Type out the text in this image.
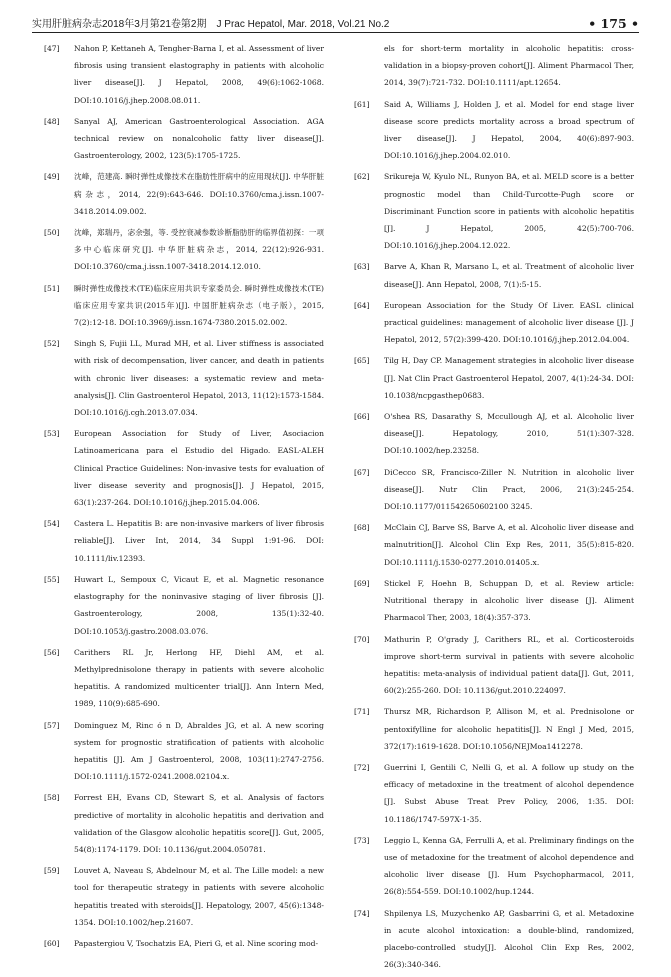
实用肝脏病杂志2018年3月第21卷第2期　J Prac Hepatol, Mar. 2018, Vol.21 No.2	• 175 •
[47] Nahon P, Kettaneh A, Tengher-Barna I, et al. Assessment of liver fibrosis using transient elastography in patients with alcoholic liver disease[J]. J Hepatol, 2008, 49(6):1062-1068. DOI:10.1016/j.jhep.2008.08.011.
[48] Sanyal AJ, American Gastroenterological Association. AGA technical review on nonalcoholic fatty liver disease[J]. Gastroenterology, 2002, 123(5):1705-1725.
[49] 沈峰，范建高. 瞬时弹性成像技术在脂肪性肝病中的应用现状[J]. 中华肝脏病杂志，2014, 22(9):643-646. DOI:10.3760/cma.j.issn.1007-3418.2014.09.002.
[50] 沈峰，郑瑞丹，宓余强，等. 受控衰减参数诊断脂肪肝的临界值初探：一项多中心临床研究[J]. 中华肝脏病杂志，2014, 22(12):926-931. DOI:10.3760/cma.j.issn.1007-3418.2014.12.010.
[51] 瞬时弹性成像技术(TE)临床应用共识专家委员会. 瞬时弹性成像技术(TE)临床应用专家共识(2015年)[J]. 中国肝脏病杂志（电子版），2015, 7(2):12-18. DOI:10.3969/j.issn.1674-7380.2015.02.002.
[52] Singh S, Fujii LL, Murad MH, et al. Liver stiffness is associated with risk of decompensation, liver cancer, and death in patients with chronic liver diseases: a systematic review and meta-analysis[J]. Clin Gastroenterol Hepatol, 2013, 11(12):1573-1584. DOI:10.1016/j.cgh.2013.07.034.
[53] European Association for Study of Liver, Asociacion Latinoamericana para el Estudio del Higado. EASL-ALEH Clinical Practice Guidelines: Non-invasive tests for evaluation of liver disease severity and prognosis[J]. J Hepatol, 2015, 63(1):237-264. DOI:10.1016/j.jhep.2015.04.006.
[54] Castera L. Hepatitis B: are non-invasive markers of liver fibrosis reliable[J]. Liver Int, 2014, 34 Suppl 1:91-96. DOI: 10.1111/liv.12393.
[55] Huwart L, Sempoux C, Vicaut E, et al. Magnetic resonance elastography for the noninvasive staging of liver fibrosis [J]. Gastroenterology, 2008, 135(1):32-40. DOI:10.1053/j.gastro.2008.03.076.
[56] Carithers RL Jr, Herlong HF, Diehl AM, et al. Methylprednisolone therapy in patients with severe alcoholic hepatitis. A randomized multicenter trial[J]. Ann Intern Med, 1989, 110(9):685-690.
[57] Dominguez M, Rinc ó n D, Abraldes JG, et al. A new scoring system for prognostic stratification of patients with alcoholic hepatitis [J]. Am J Gastroenterol, 2008, 103(11):2747-2756. DOI:10.1111/j.1572-0241.2008.02104.x.
[58] Forrest EH, Evans CD, Stewart S, et al. Analysis of factors predictive of mortality in alcoholic hepatitis and derivation and validation of the Glasgow alcoholic hepatitis score[J]. Gut, 2005, 54(8):1174-1179. DOI: 10.1136/gut.2004.050781.
[59] Louvet A, Naveau S, Abdelnour M, et al. The Lille model: a new tool for therapeutic strategy in patients with severe alcoholic hepatitis treated with steroids[J]. Hepatology, 2007, 45(6):1348-1354. DOI:10.1002/hep.21607.
[60] Papastergiou V, Tsochatzis EA, Pieri G, et al. Nine scoring mod-
els for short-term mortality in alcoholic hepatitis: cross-validation in a biopsy-proven cohort[J]. Aliment Pharmacol Ther, 2014, 39(7):721-732. DOI:10.1111/apt.12654.
[61] Said A, Williams J, Holden J, et al. Model for end stage liver disease score predicts mortality across a broad spectrum of liver disease[J]. J Hepatol, 2004, 40(6):897-903. DOI:10.1016/j.jhep.2004.02.010.
[62] Srikureja W, Kyulo NL, Runyon BA, et al. MELD score is a better prognostic model than Child-Turcotte-Pugh score or Discriminant Function score in patients with alcoholic hepatitis [J]. J Hepatol, 2005, 42(5):700-706. DOI:10.1016/j.jhep.2004.12.022.
[63] Barve A, Khan R, Marsano L, et al. Treatment of alcoholic liver disease[J]. Ann Hepatol, 2008, 7(1):5-15.
[64] European Association for the Study Of Liver. EASL clinical practical guidelines: management of alcoholic liver disease [J]. J Hepatol, 2012, 57(2):399-420. DOI:10.1016/j.jhep.2012.04.004.
[65] Tilg H, Day CP. Management strategies in alcoholic liver disease [J]. Nat Clin Pract Gastroenterol Hepatol, 2007, 4(1):24-34. DOI: 10.1038/ncpgasthep0683.
[66] O'shea RS, Dasarathy S, Mccullough AJ, et al. Alcoholic liver disease[J]. Hepatology, 2010, 51(1):307-328. DOI:10.1002/hep.23258.
[67] DiCecco SR, Francisco-Ziller N. Nutrition in alcoholic liver disease[J]. Nutr Clin Pract, 2006, 21(3):245-254. DOI:10.1177/011542650602100 3245.
[68] McClain CJ, Barve SS, Barve A, et al. Alcoholic liver disease and malnutrition[J]. Alcohol Clin Exp Res, 2011, 35(5):815-820. DOI:10.1111/j.1530-0277.2010.01405.x.
[69] Stickel F, Hoehn B, Schuppan D, et al. Review article: Nutritional therapy in alcoholic liver disease [J]. Aliment Pharmacol Ther, 2003, 18(4):357-373.
[70] Mathurin P, O'grady J, Carithers RL, et al. Corticosteroids improve short-term survival in patients with severe alcoholic hepatitis: meta-analysis of individual patient data[J]. Gut, 2011, 60(2):255-260. DOI: 10.1136/gut.2010.224097.
[71] Thursz MR, Richardson P, Allison M, et al. Prednisolone or pentoxifylline for alcoholic hepatitis[J]. N Engl J Med, 2015, 372(17):1619-1628. DOI:10.1056/NEJMoa1412278.
[72] Guerrini I, Gentili C, Nelli G, et al. A follow up study on the efficacy of metadoxine in the treatment of alcohol dependence [J]. Subst Abuse Treat Prev Policy, 2006, 1:35. DOI: 10.1186/1747-597X-1-35.
[73] Leggio L, Kenna GA, Ferrulli A, et al. Preliminary findings on the use of metadoxine for the treatment of alcohol dependence and alcoholic liver disease [J]. Hum Psychopharmacol, 2011, 26(8):554-559. DOI:10.1002/hup.1244.
[74] Shpilenya LS, Muzychenko AP, Gasbarrini G, et al. Metadoxine in acute alcohol intoxication: a double-blind, randomized, placebo-controlled study[J]. Alcohol Clin Exp Res, 2002, 26(3):340-346.
